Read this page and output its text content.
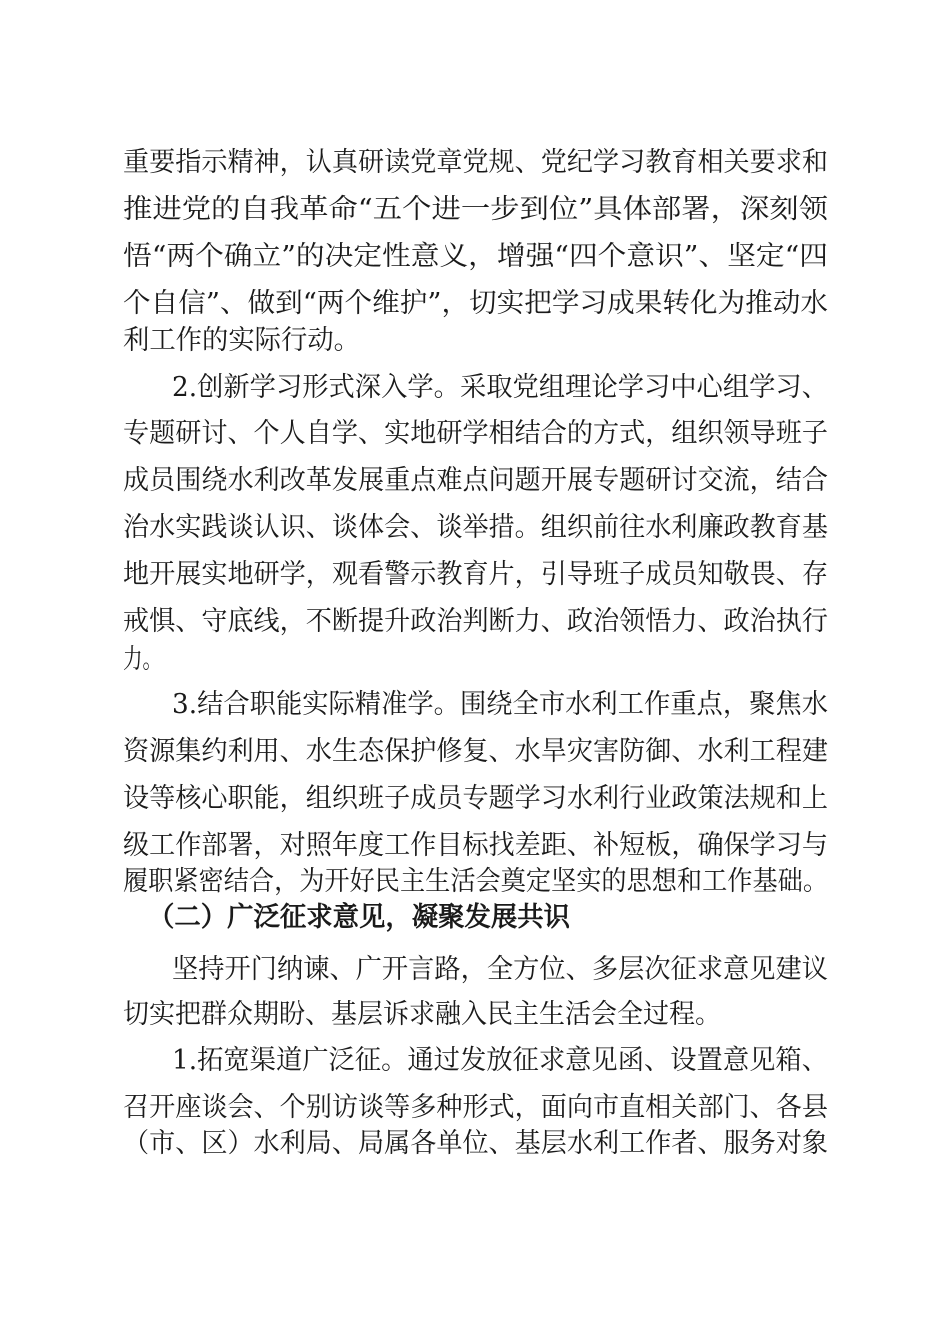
重要指示精神，认真研读党章党规、党纪学习教育相关要求和
推进党的自我革命“五个进一步到位”具体部署，深刻领
悟“两个确立”的决定性意义，增强“四个意识”、坚定“四
个自信”、做到“两个维护”，切实把学习成果转化为推动水
利工作的实际行动。
2.创新学习形式深入学。采取党组理论学习中心组学习、
专题研讨、个人自学、实地研学相结合的方式，组织领导班子
成员围绕水利改革发展重点难点问题开展专题研讨交流，结合
治水实践谈认识、谈体会、谈举措。组织前往水利廉政教育基
地开展实地研学，观看警示教育片，引导班子成员知敬畏、存
戒惧、守底线，不断提升政治判断力、政治领悟力、政治执行
力。
3.结合职能实际精准学。围绕全市水利工作重点，聚焦水
资源集约利用、水生态保护修复、水旱灾害防御、水利工程建
设等核心职能，组织班子成员专题学习水利行业政策法规和上
级工作部署，对照年度工作目标找差距、补短板，确保学习与
履职紧密结合，为开好民主生活会奠定坚实的思想和工作基础。
（二）广泛征求意见，凝聚发展共识
坚持开门纳谏、广开言路，全方位、多层次征求意见建议
切实把群众期盼、基层诉求融入民主生活会全过程。
1.拓宽渠道广泛征。通过发放征求意见函、设置意见箱、
召开座谈会、个别访谈等多种形式，面向市直相关部门、各县
（市、区）水利局、局属各单位、基层水利工作者、服务对象
